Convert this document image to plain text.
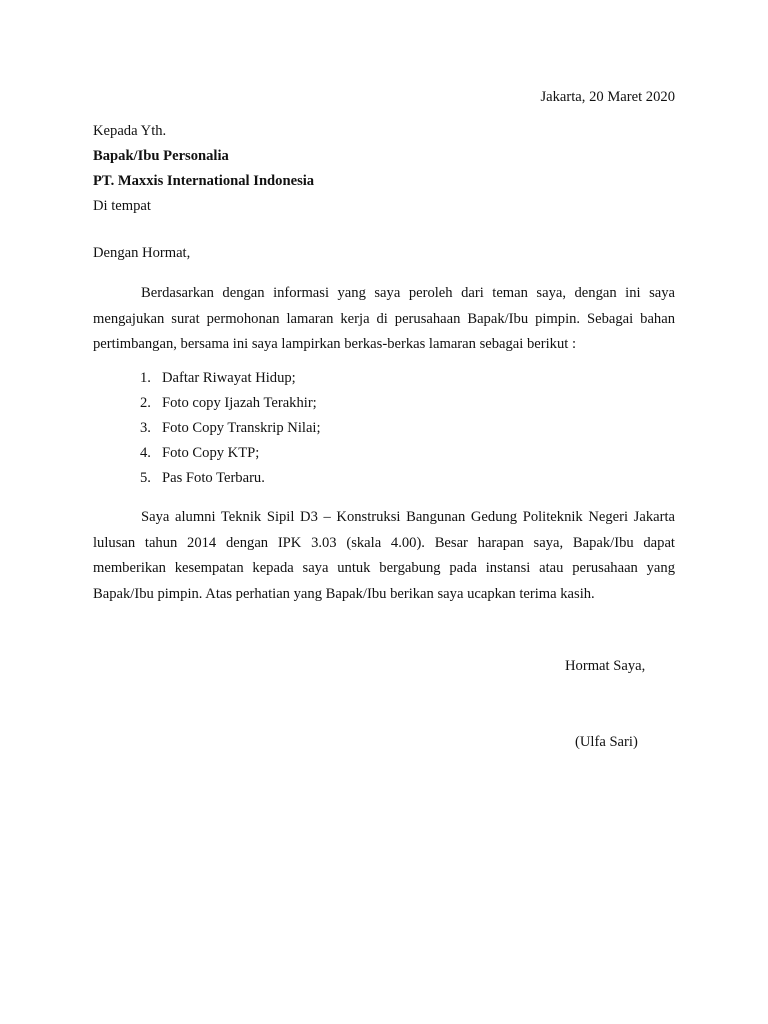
Jakarta, 20 Maret 2020
Kepada Yth.
Bapak/Ibu Personalia
PT. Maxxis International Indonesia
Di tempat
Dengan Hormat,

Berdasarkan dengan informasi yang saya peroleh dari teman saya, dengan ini saya mengajukan surat permohonan lamaran kerja di perusahaan Bapak/Ibu pimpin. Sebagai bahan pertimbangan, bersama ini saya lampirkan berkas-berkas lamaran sebagai berikut :

1. Daftar Riwayat Hidup;
2. Foto copy Ijazah Terakhir;
3. Foto Copy Transkrip Nilai;
4. Foto Copy KTP;
5. Pas Foto Terbaru.

Saya alumni Teknik Sipil D3 – Konstruksi Bangunan Gedung Politeknik Negeri Jakarta lulusan tahun 2014 dengan IPK 3.03 (skala 4.00). Besar harapan saya, Bapak/Ibu dapat memberikan kesempatan kepada saya untuk bergabung pada instansi atau perusahaan yang Bapak/Ibu pimpin. Atas perhatian yang Bapak/Ibu berikan saya ucapkan terima kasih.

Hormat Saya,
(Ulfa Sari)
